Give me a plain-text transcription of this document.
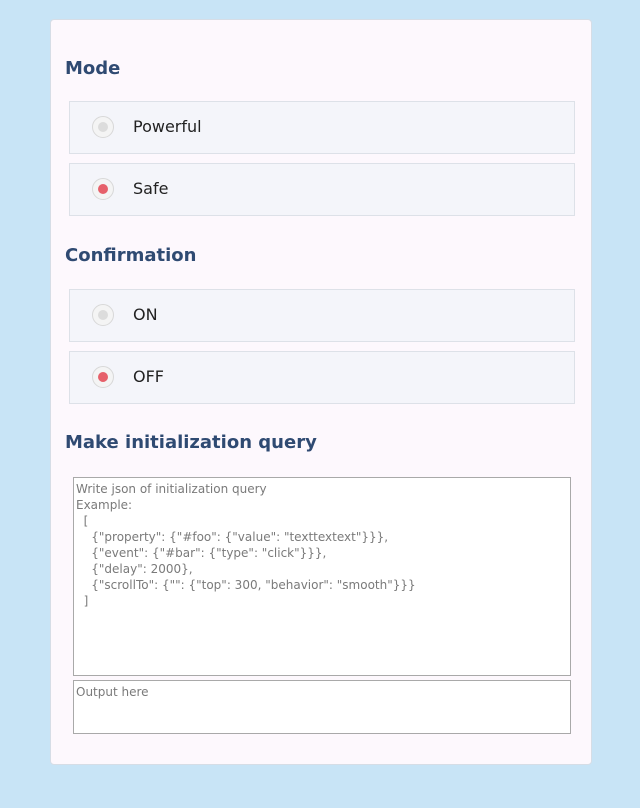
Mode
Powerful
Safe
Confirmation
ON
OFF
Make initialization query
Write json of initialization query Example: [ {"property": {"#foo": {"value": "texttextext"}}}, {"event": {"#bar": {"type": "click"}}}, {"delay": 2000}, {"scrollTo": {"": {"top": 300, "behavior": "smooth"}}} ]
Output here
